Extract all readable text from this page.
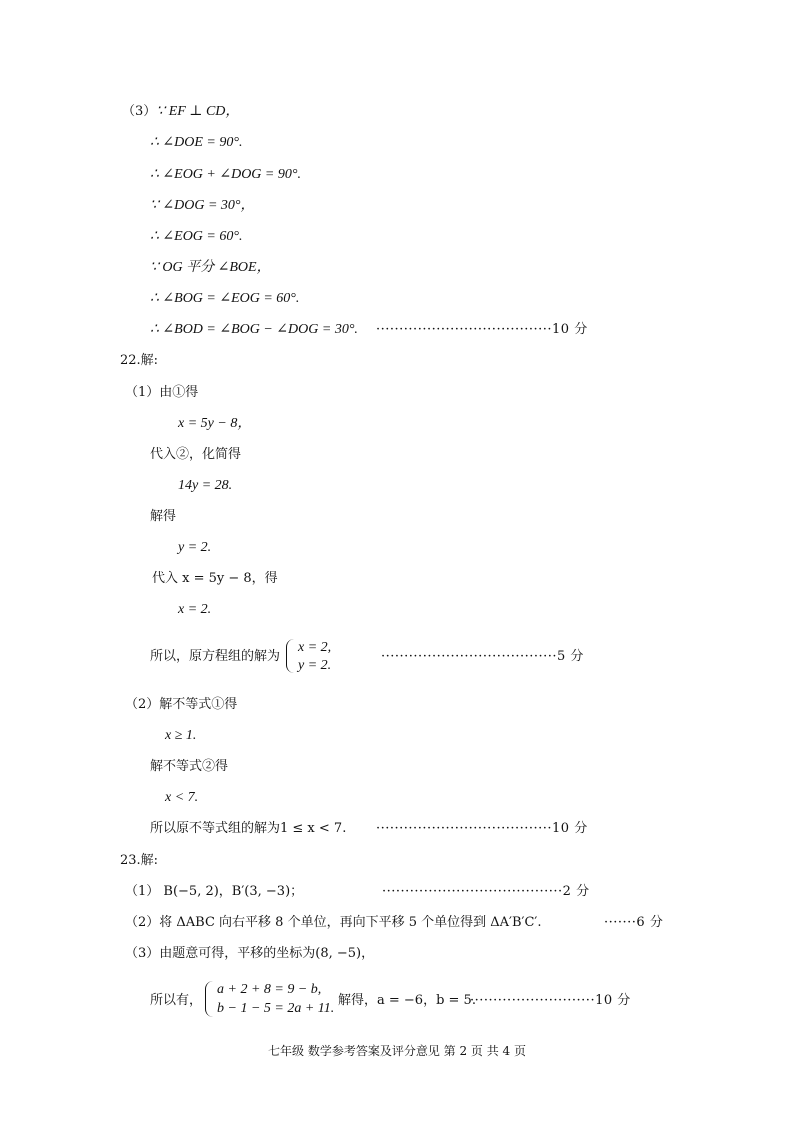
（3）∵ EF ⊥ CD，
∴ ∠DOE = 90°.
∴ ∠EOG + ∠DOG = 90°.
∵ ∠DOG = 30°，
∴ ∠EOG = 60°.
∵ OG 平分 ∠BOE，
∴ ∠BOG = ∠EOG = 60°.
∴ ∠BOD = ∠BOG − ∠DOG = 30°. ······································10 分
22.解:
（1）由①得
x = 5y − 8，
代入②，化简得
14y = 28.
解得
y = 2.
代入 x = 5y − 8，得
x = 2.
所以，原方程组的解为
x = 2,
y = 2.
······································5 分
（2）解不等式①得
x ≥ 1.
解不等式②得
x < 7.
所以原不等式组的解为1 ≤ x < 7. ······································10 分
23.解:
（1） B(−5, 2)，B′(3, −3)；	·······································2 分
（2）将 ΔABC 向右平移 8 个单位，再向下平移 5 个单位得到 ΔA′B′C′.	·······6 分
（3）由题意可得，平移的坐标为(8, −5)，
所以有，
a + 2 + 8 = 9 − b,
b − 1 − 5 = 2a + 11.
解得，a = −6，b = 5.
···························10 分
七年级 数学参考答案及评分意见 第 2 页 共 4 页
